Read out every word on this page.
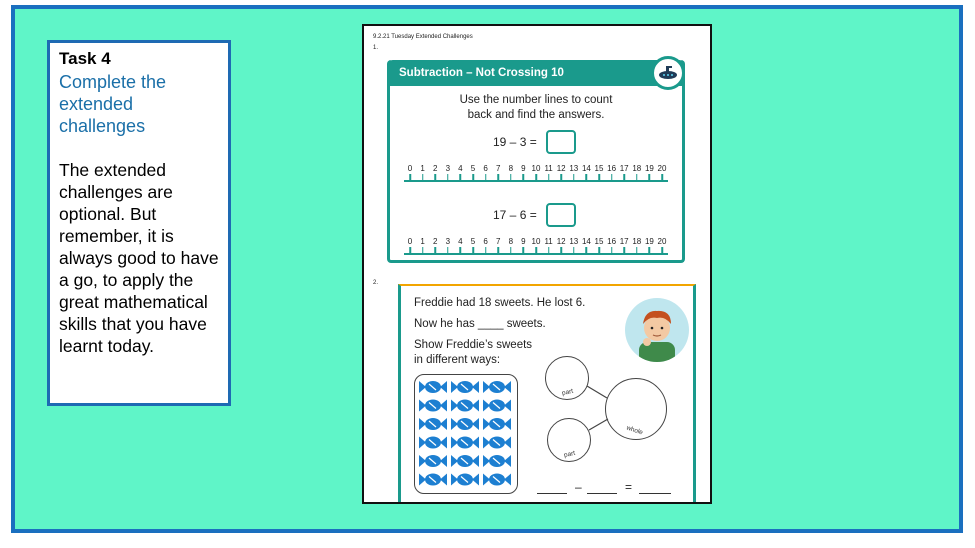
Task 4
Complete the extended challenges
The extended challenges are optional. But remember, it is always good to have a go, to apply the great mathematical skills that you have learnt today.
9.2.21 Tuesday Extended Challenges
1.
Subtraction – Not Crossing 10
Use the number lines to count
back and find the answers.
19 – 3 =
0 1 2 3 4 5 6 7 8 9 10 11 12 13 14 15 16 17 18 19 20
17 – 6 =
0 1 2 3 4 5 6 7 8 9 10 11 12 13 14 15 16 17 18 19 20
2.
Freddie had 18 sweets. He lost 6.
Now he has ____ sweets.
Show Freddie’s sweets
in different ways:
part
part
whole
–	=
